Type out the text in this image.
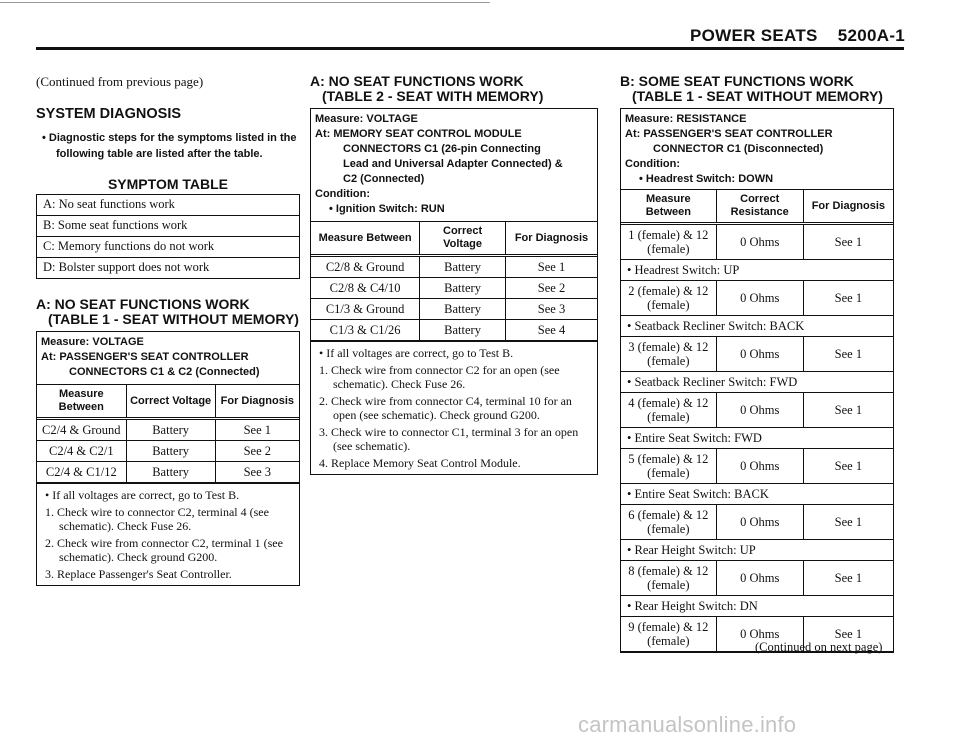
POWER SEATS    5200A-1
(Continued from previous page)
SYSTEM DIAGNOSIS
• Diagnostic steps for the symptoms listed in the following table are listed after the table.
SYMPTOM TABLE
A: No seat functions work
B: Some seat functions work
C: Memory functions do not work
D: Bolster support does not work
A: NO SEAT FUNCTIONS WORK
(TABLE 1 - SEAT WITHOUT MEMORY)
Measure: VOLTAGE
At: PASSENGER'S SEAT CONTROLLER
CONNECTORS C1 & C2 (Connected)
Measure Between	Correct Voltage	For Diagnosis
C2/4 & Ground	Battery	See 1
C2/4 & C2/1	Battery	See 2
C2/4 & C1/12	Battery	See 3
• If all voltages are correct, go to Test B.
1. Check wire to connector C2, terminal 4 (see schematic). Check Fuse 26.
2. Check wire from connector C2, terminal 1 (see schematic). Check ground G200.
3. Replace Passenger's Seat Controller.
A: NO SEAT FUNCTIONS WORK
(TABLE 2 - SEAT WITH MEMORY)
Measure: VOLTAGE
At: MEMORY SEAT CONTROL MODULE
CONNECTORS C1 (26-pin Connecting
Lead and Universal Adapter Connected) &
C2 (Connected)
Condition:
• Ignition Switch: RUN
Measure Between	Correct Voltage	For Diagnosis
C2/8 & Ground	Battery	See 1
C2/8 & C4/10	Battery	See 2
C1/3 & Ground	Battery	See 3
C1/3 & C1/26	Battery	See 4
• If all voltages are correct, go to Test B.
1. Check wire from connector C2 for an open (see schematic). Check Fuse 26.
2. Check wire from connector C4, terminal 10 for an open (see schematic). Check ground G200.
3. Check wire to connector C1, terminal 3 for an open (see schematic).
4. Replace Memory Seat Control Module.
B: SOME SEAT FUNCTIONS WORK
(TABLE 1 - SEAT WITHOUT MEMORY)
Measure: RESISTANCE
At: PASSENGER'S SEAT CONTROLLER
CONNECTOR C1 (Disconnected)
Condition:
• Headrest Switch: DOWN
Measure Between	Correct Resistance	For Diagnosis
1 (female) & 12 (female)	0 Ohms	See 1
• Headrest Switch: UP		
2 (female) & 12 (female)	0 Ohms	See 1
• Seatback Recliner Switch: BACK		
3 (female) & 12 (female)	0 Ohms	See 1
• Seatback Recliner Switch: FWD		
4 (female) & 12 (female)	0 Ohms	See 1
• Entire Seat Switch: FWD		
5 (female) & 12 (female)	0 Ohms	See 1
• Entire Seat Switch: BACK		
6 (female) & 12 (female)	0 Ohms	See 1
• Rear Height Switch: UP		
8 (female) & 12 (female)	0 Ohms	See 1
• Rear Height Switch: DN		
9 (female) & 12 (female)	0 Ohms	See 1
(Continued on next page)
carmanualsonline.info
